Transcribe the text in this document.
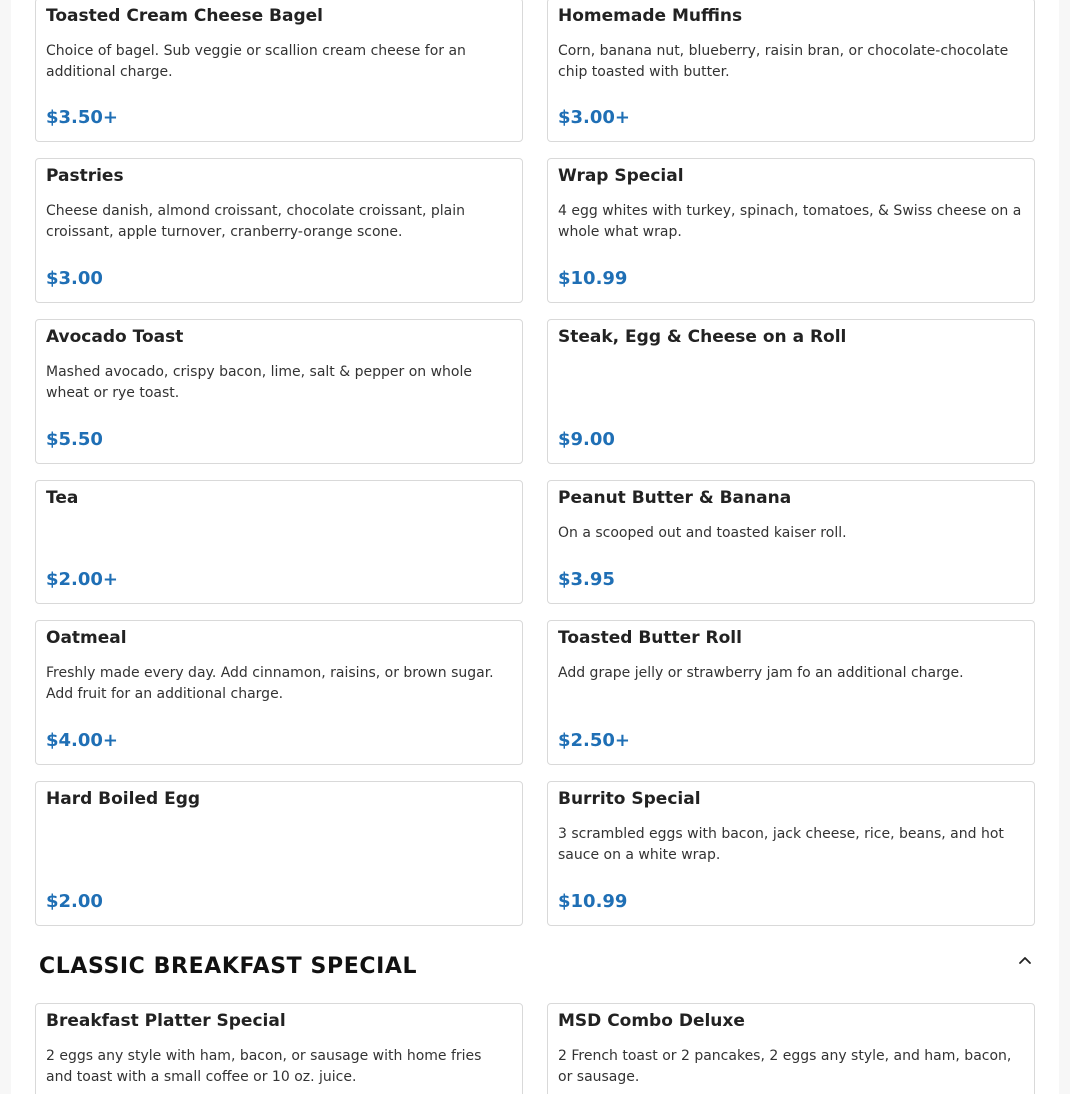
Toasted Cream Cheese Bagel
Choice of bagel. Sub veggie or scallion cream cheese for an additional charge.
$3.50+
Homemade Muffins
Corn, banana nut, blueberry, raisin bran, or chocolate-chocolate chip toasted with butter.
$3.00+
Pastries
Cheese danish, almond croissant, chocolate croissant, plain croissant, apple turnover, cranberry-orange scone.
$3.00
Wrap Special
4 egg whites with turkey, spinach, tomatoes, & Swiss cheese on a whole what wrap.
$10.99
Avocado Toast
Mashed avocado, crispy bacon, lime, salt & pepper on whole wheat or rye toast.
$5.50
Steak, Egg & Cheese on a Roll
$9.00
Tea
$2.00+
Peanut Butter & Banana
On a scooped out and toasted kaiser roll.
$3.95
Oatmeal
Freshly made every day. Add cinnamon, raisins, or brown sugar. Add fruit for an additional charge.
$4.00+
Toasted Butter Roll
Add grape jelly or strawberry jam fo an additional charge.
$2.50+
Hard Boiled Egg
$2.00
Burrito Special
3 scrambled eggs with bacon, jack cheese, rice, beans, and hot sauce on a white wrap.
$10.99
CLASSIC BREAKFAST SPECIAL
Breakfast Platter Special
2 eggs any style with ham, bacon, or sausage with home fries and toast with a small coffee or 10 oz. juice.
MSD Combo Deluxe
2 French toast or 2 pancakes, 2 eggs any style, and ham, bacon, or sausage.
